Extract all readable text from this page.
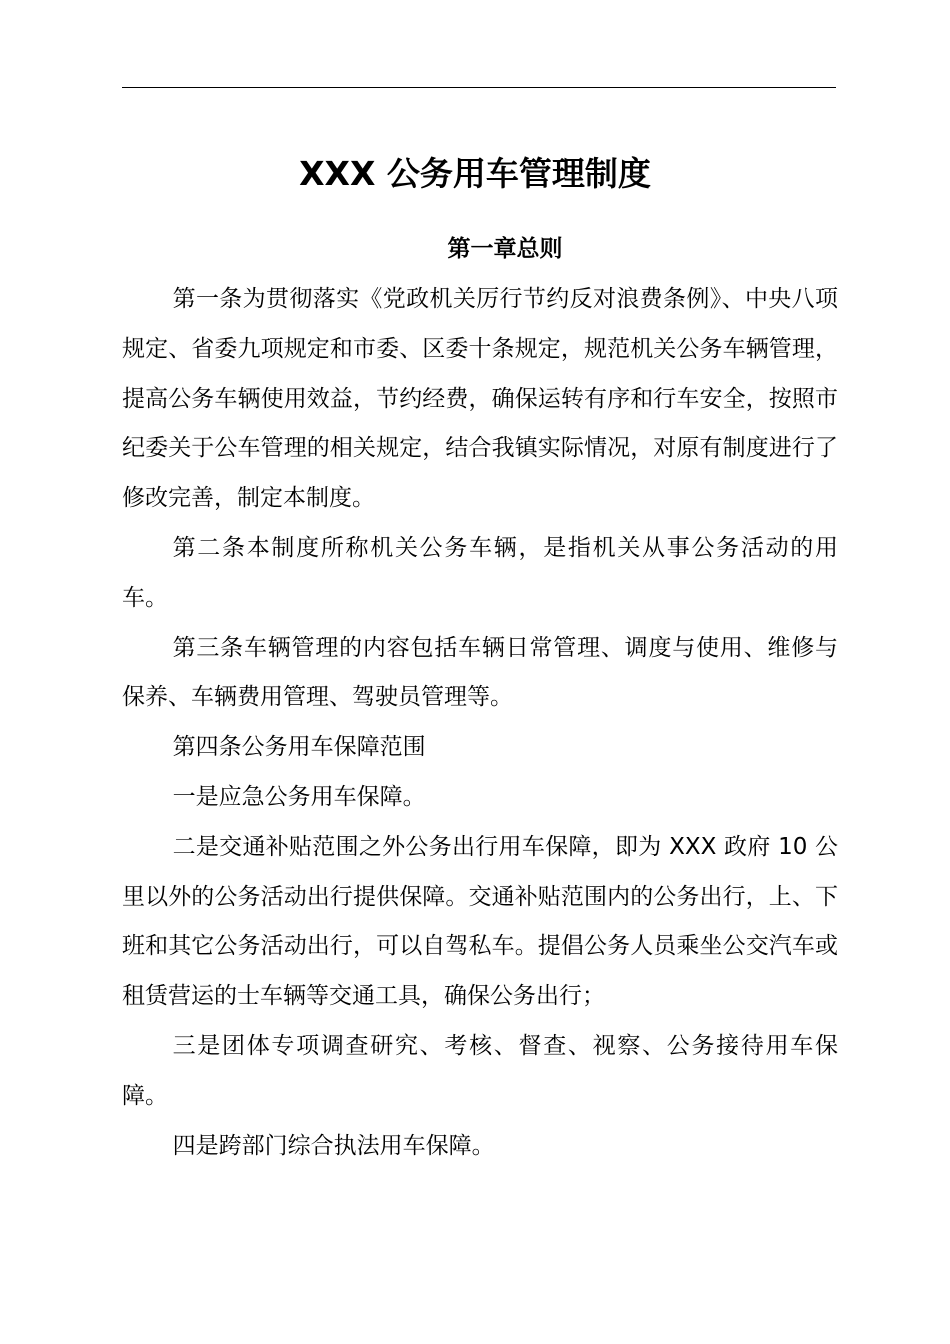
XXX 公务用车管理制度
第一章总则

第一条为贯彻落实《党政机关厉行节约反对浪费条例》、中央八项规定、省委九项规定和市委、区委十条规定，规范机关公务车辆管理，提高公务车辆使用效益，节约经费，确保运转有序和行车安全，按照市纪委关于公车管理的相关规定，结合我镇实际情况，对原有制度进行了修改完善，制定本制度。

第二条本制度所称机关公务车辆，是指机关从事公务活动的用车。

第三条车辆管理的内容包括车辆日常管理、调度与使用、维修与保养、车辆费用管理、驾驶员管理等。

第四条公务用车保障范围

一是应急公务用车保障。

二是交通补贴范围之外公务出行用车保障，即为 XXX 政府 10 公里以外的公务活动出行提供保障。交通补贴范围内的公务出行，上、下班和其它公务活动出行，可以自驾私车。提倡公务人员乘坐公交汽车或租赁营运的士车辆等交通工具，确保公务出行；

三是团体专项调查研究、考核、督查、视察、公务接待用车保障。

四是跨部门综合执法用车保障。
